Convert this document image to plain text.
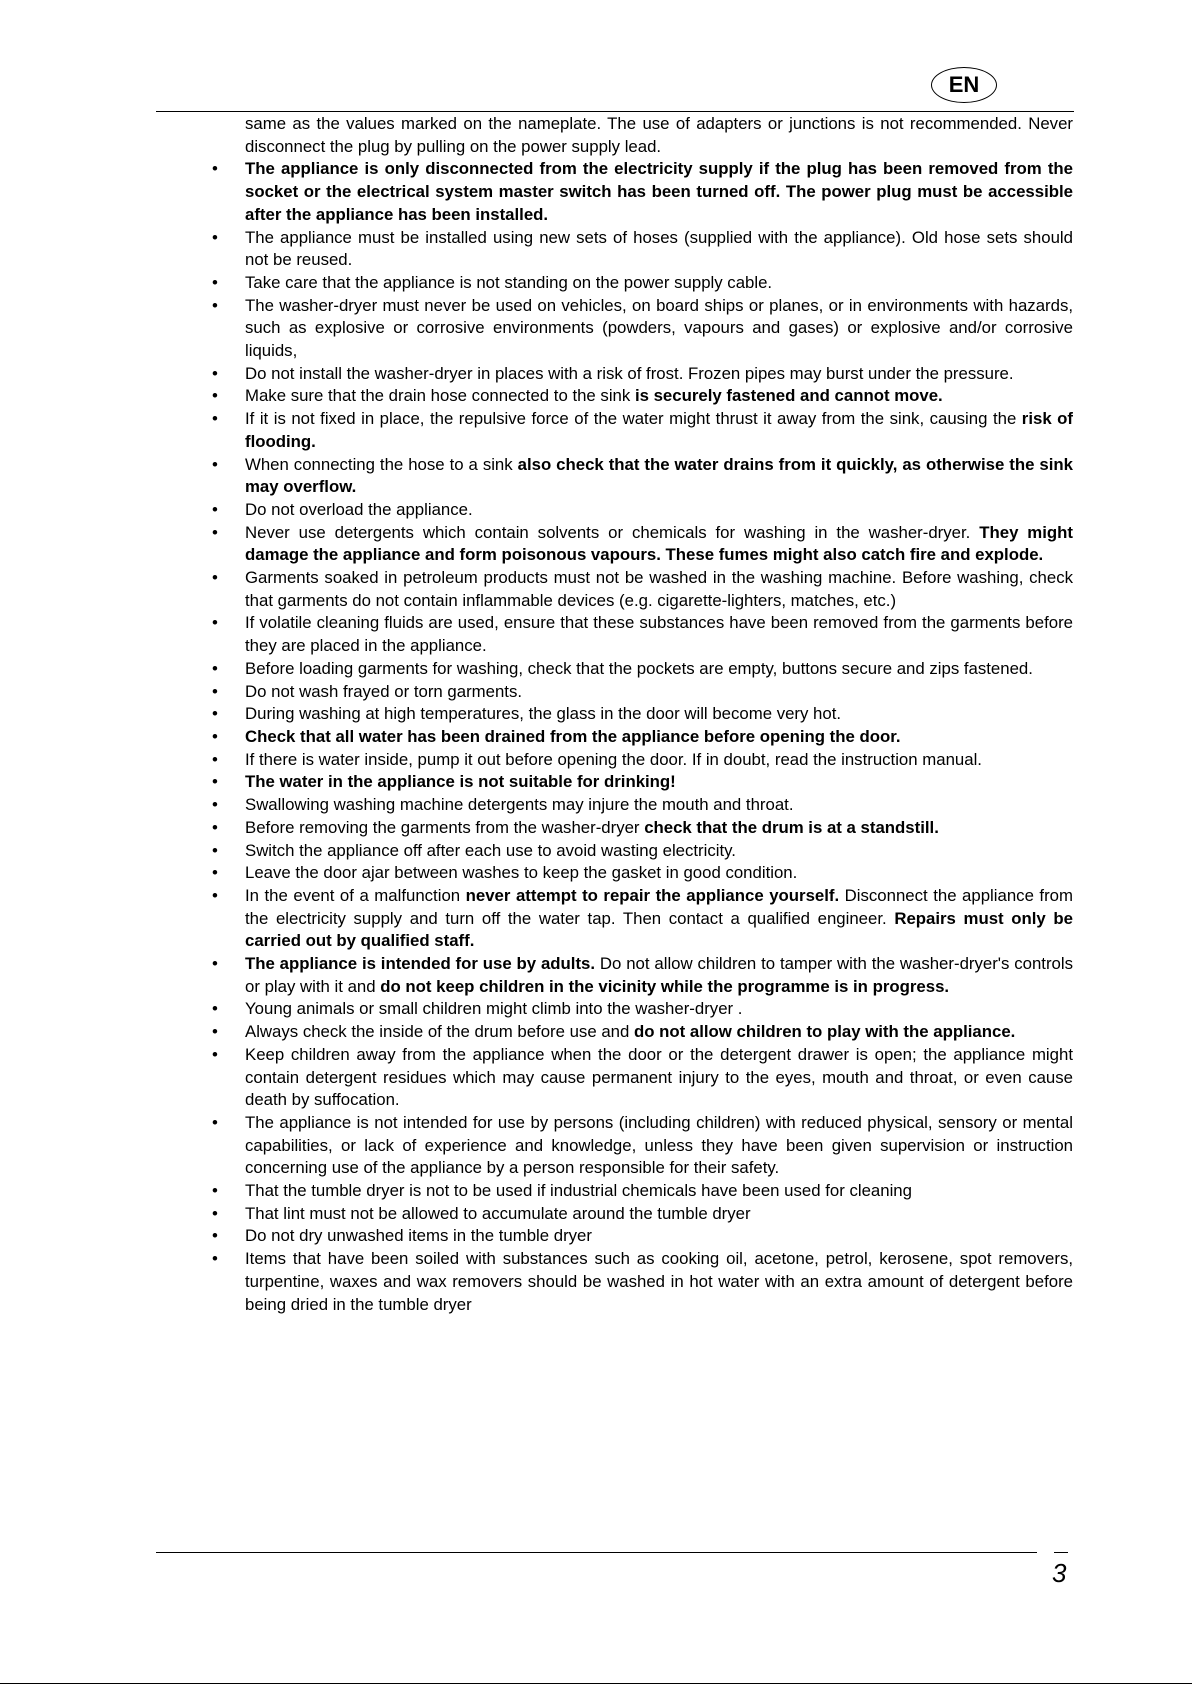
EN

same as the values marked on the nameplate. The use of adapters or junctions is not recommended. Never disconnect the plug by pulling on the power supply lead.

•	The appliance is only disconnected from the electricity supply if the plug has been removed from the socket or the electrical system master switch has been turned off. The power plug must be accessible after the appliance has been installed.
•	The appliance must be installed using new sets of hoses (supplied with the appliance). Old hose sets should not be reused.
•	Take care that the appliance is not standing on the power supply cable.
•	The washer-dryer must never be used on vehicles, on board ships or planes, or in environments with hazards, such as explosive or corrosive environments (powders, vapours and gases) or explosive and/or corrosive liquids,
•	Do not install the washer-dryer in places with a risk of frost. Frozen pipes may burst under the pressure.
•	Make sure that the drain hose connected to the sink is securely fastened and cannot move.
•	If it is not fixed in place, the repulsive force of the water might thrust it away from the sink, causing the risk of flooding.
•	When connecting the hose to a sink also check that the water drains from it quickly, as otherwise the sink may overflow.
•	Do not overload the appliance.
•	Never use detergents which contain solvents or chemicals for washing in the washer-dryer. They might damage the appliance and form poisonous vapours. These fumes might also catch fire and explode.
•	Garments soaked in petroleum products must not be washed in the washing machine. Before washing, check that garments do not contain inflammable devices (e.g. cigarette-lighters, matches, etc.)
•	If volatile cleaning fluids are used, ensure that these substances have been removed from the garments before they are placed in the appliance.
•	Before loading garments for washing, check that the pockets are empty, buttons secure and zips fastened.
•	Do not wash frayed or torn garments.
•	During washing at high temperatures, the glass in the door will become very hot.
•	Check that all water has been drained from the appliance before opening the door.
•	If there is water inside, pump it out before opening the door. If in doubt, read the instruction manual.
•	The water in the appliance is not suitable for drinking!
•	Swallowing washing machine detergents may injure the mouth and throat.
•	Before removing the garments from the washer-dryer check that the drum is at a standstill.
•	Switch the appliance off after each use to avoid wasting electricity.
•	Leave the door ajar between washes to keep the gasket in good condition.
•	In the event of a malfunction never attempt to repair the appliance yourself. Disconnect the appliance from the electricity supply and turn off the water tap. Then contact a qualified engineer. Repairs must only be carried out by qualified staff.
•	The appliance is intended for use by adults. Do not allow children to tamper with the washer-dryer's controls or play with it and do not keep children in the vicinity while the programme is in progress.
•	Young animals or small children might climb into the washer-dryer .
•	Always check the inside of the drum before use and do not allow children to play with the appliance.
•	Keep children away from the appliance when the door or the detergent drawer is open; the appliance might contain detergent residues which may cause permanent injury to the eyes, mouth and throat, or even cause death by suffocation.
•	The appliance is not intended for use by persons (including children) with reduced physical, sensory or mental capabilities, or lack of experience and knowledge, unless they have been given supervision or instruction concerning use of the appliance by a person responsible for their safety.
•	That the tumble dryer is not to be used if industrial chemicals have been used for cleaning
•	That lint must not be allowed to accumulate around the tumble dryer
•	Do not dry unwashed items in the tumble dryer
•	Items that have been soiled with substances such as cooking oil, acetone, petrol, kerosene, spot removers, turpentine, waxes and wax removers should be washed in hot water with an extra amount of detergent before being dried in the tumble dryer
3
